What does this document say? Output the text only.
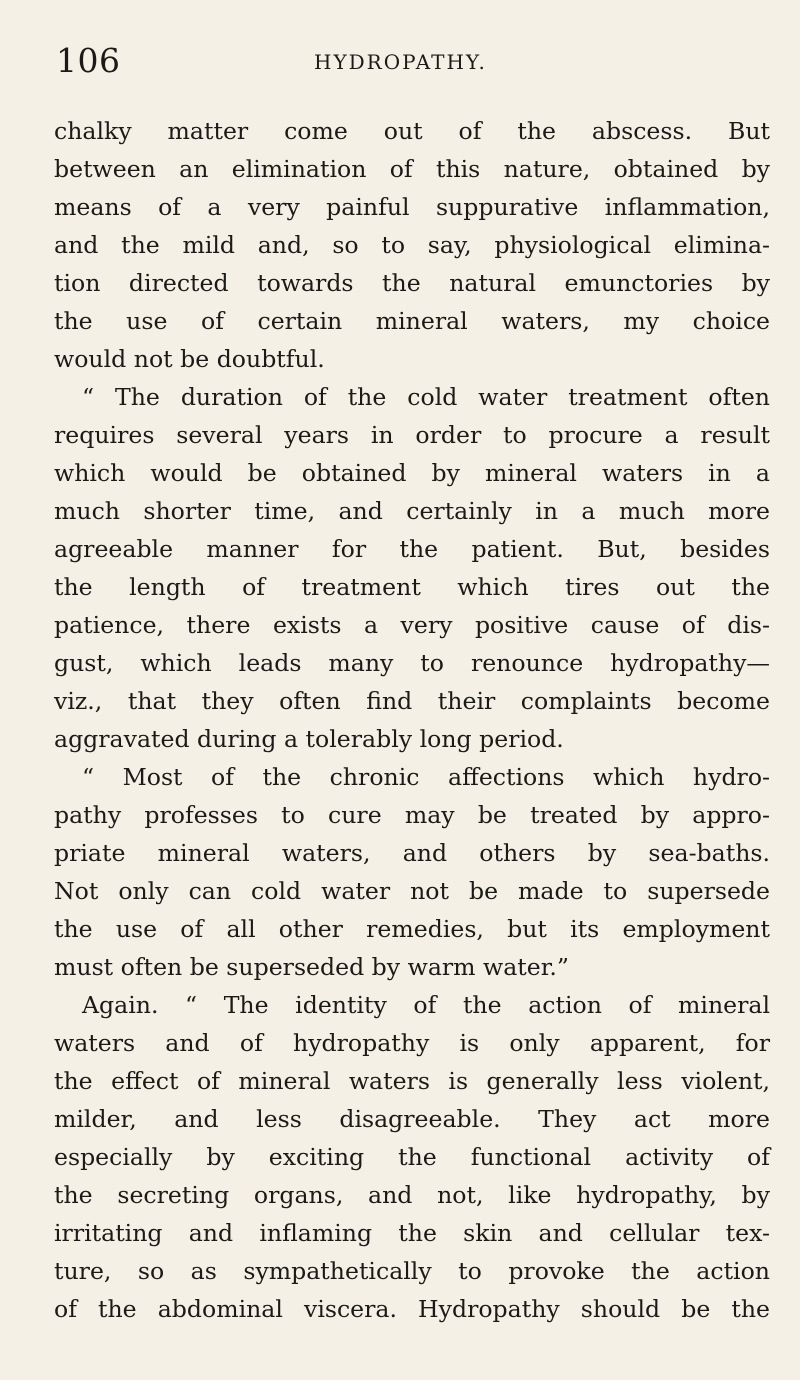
106	HYDROPATHY.
chalky matter come out of the abscess. But
between an elimination of this nature, obtained by
means of a very painful suppurative inflammation,
and the mild and, so to say, physiological elimina-
tion directed towards the natural emunctories by
the use of certain mineral waters, my choice
would not be doubtful.
“ The duration of the cold water treatment often
requires several years in order to procure a result
which would be obtained by mineral waters in a
much shorter time, and certainly in a much more
agreeable manner for the patient. But, besides
the length of treatment which tires out the
patience, there exists a very positive cause of dis-
gust, which leads many to renounce hydropathy—
viz., that they often find their complaints become
aggravated during a tolerably long period.
“ Most of the chronic affections which hydro-
pathy professes to cure may be treated by appro-
priate mineral waters, and others by sea-baths.
Not only can cold water not be made to supersede
the use of all other remedies, but its employment
must often be superseded by warm water.”
Again. “ The identity of the action of mineral
waters and of hydropathy is only apparent, for
the effect of mineral waters is generally less violent,
milder, and less disagreeable. They act more
especially by exciting the functional activity of
the secreting organs, and not, like hydropathy, by
irritating and inflaming the skin and cellular tex-
ture, so as sympathetically to provoke the action
of the abdominal viscera. Hydropathy should be the
